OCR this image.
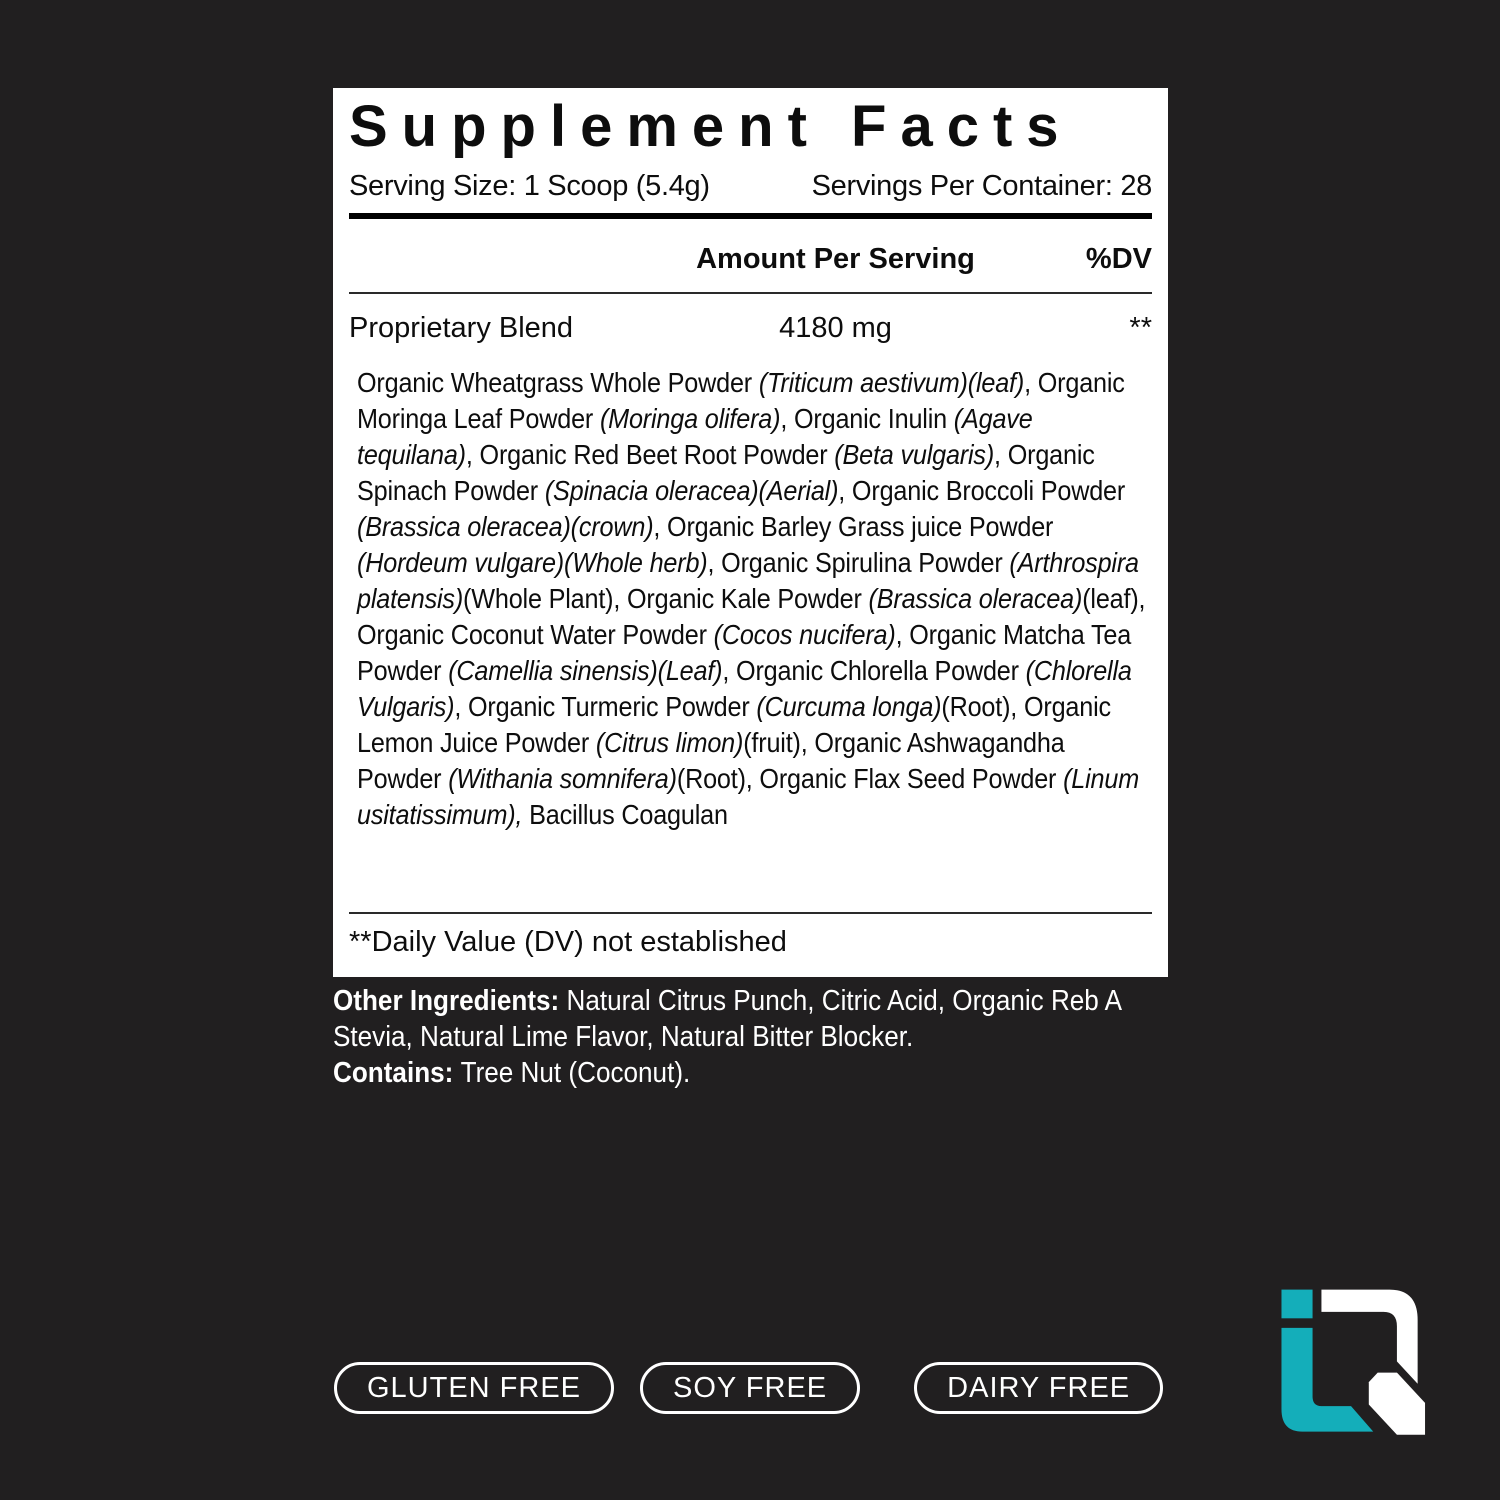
Supplement Facts
Serving Size: 1 Scoop (5.4g)	Servings Per Container: 28
Amount Per Serving	%DV
Proprietary Blend	4180 mg	**
Organic Wheatgrass Whole Powder (Triticum aestivum)(leaf), Organic Moringa Leaf Powder (Moringa olifera), Organic Inulin (Agave tequilana), Organic Red Beet Root Powder (Beta vulgaris), Organic Spinach Powder (Spinacia oleracea)(Aerial), Organic Broccoli Powder (Brassica oleracea)(crown), Organic Barley Grass juice Powder (Hordeum vulgare)(Whole herb), Organic Spirulina Powder (Arthrospira platensis)(Whole Plant), Organic Kale Powder (Brassica oleracea)(leaf), Organic Coconut Water Powder (Cocos nucifera), Organic Matcha Tea Powder (Camellia sinensis)(Leaf), Organic Chlorella Powder (Chlorella Vulgaris), Organic Turmeric Powder (Curcuma longa)(Root), Organic Lemon Juice Powder (Citrus limon)(fruit), Organic Ashwagandha Powder (Withania somnifera)(Root), Organic Flax Seed Powder (Linum usitatissimum), Bacillus Coagulan
**Daily Value (DV) not established
Other Ingredients: Natural Citrus Punch, Citric Acid, Organic Reb A Stevia, Natural Lime Flavor, Natural Bitter Blocker.
Contains: Tree Nut (Coconut).
GLUTEN FREE	SOY FREE	DAIRY FREE
